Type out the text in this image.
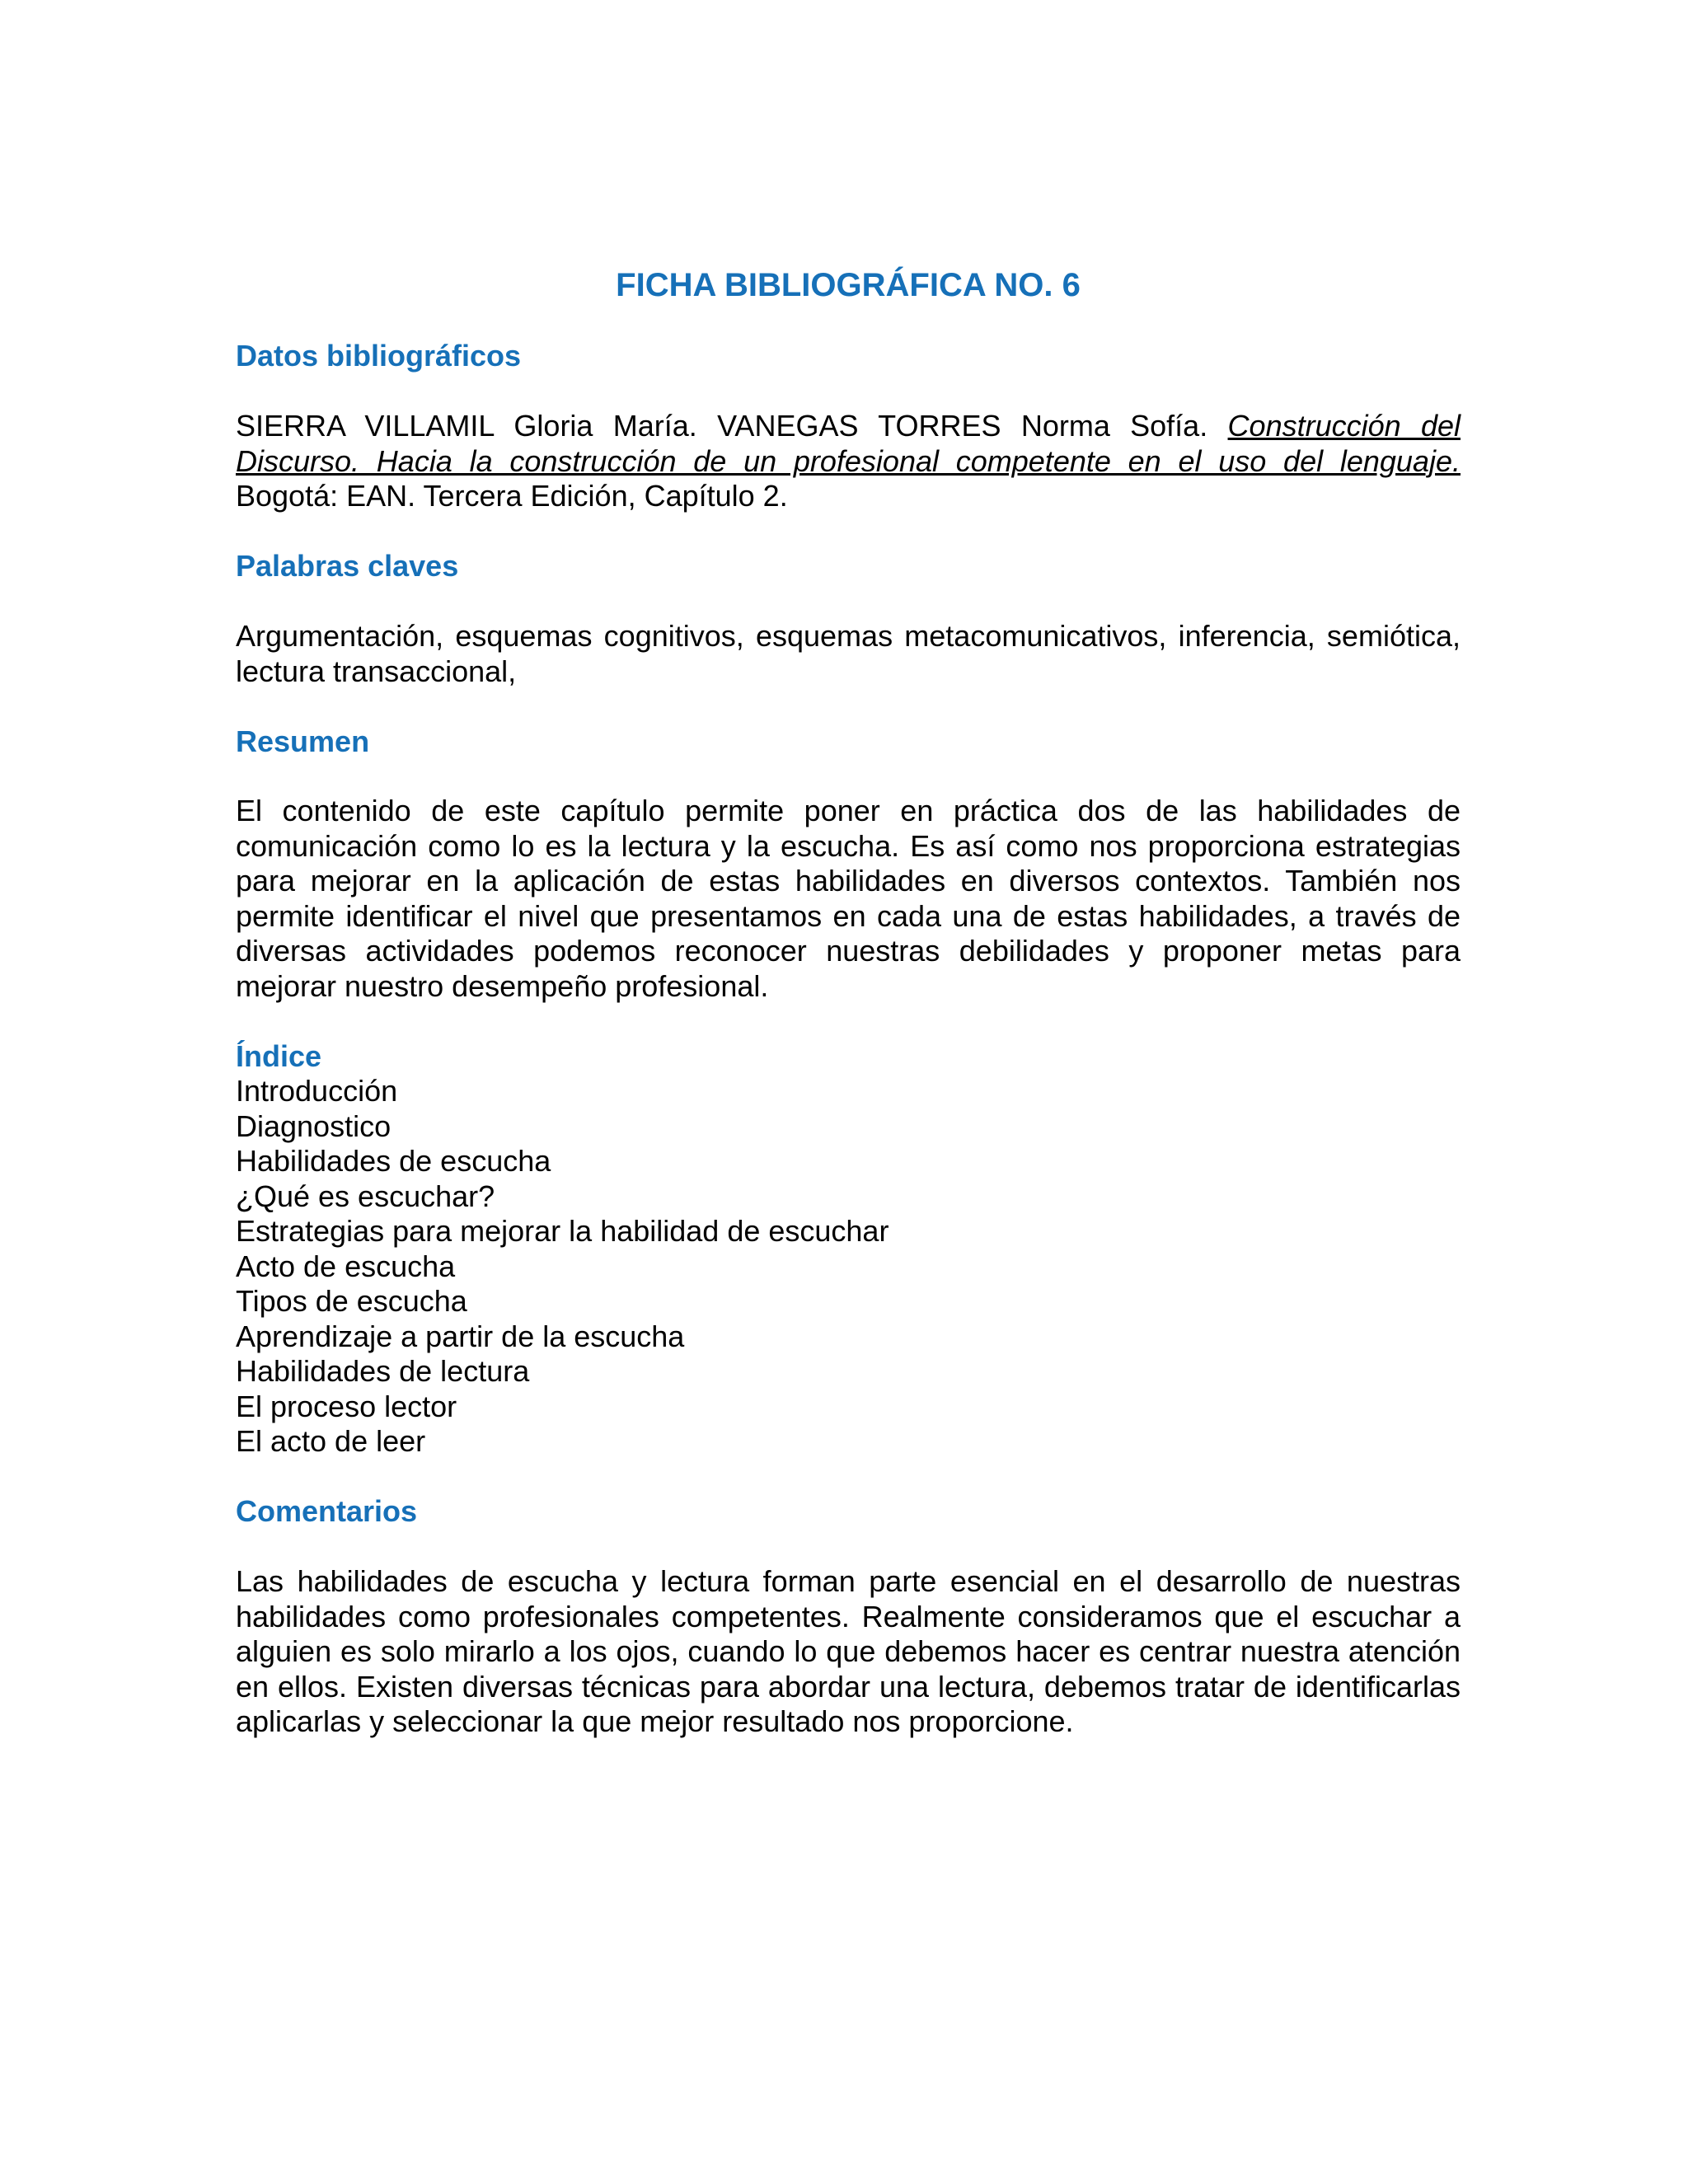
FICHA BIBLIOGRÁFICA NO. 6
Datos bibliográficos

SIERRA VILLAMIL Gloria María. VANEGAS TORRES Norma Sofía. Construcción del Discurso. Hacia la construcción de un profesional competente en el uso del lenguaje. Bogotá: EAN. Tercera Edición, Capítulo 2.

Palabras claves

Argumentación, esquemas cognitivos, esquemas metacomunicativos, inferencia, semiótica, lectura transaccional,

Resumen

El contenido de este capítulo permite poner en práctica dos de las habilidades de comunicación como lo es la lectura y la escucha. Es así como nos proporciona estrategias para mejorar en la aplicación de estas habilidades en diversos contextos. También nos permite identificar el nivel que presentamos en cada una de estas habilidades, a través de diversas actividades podemos reconocer nuestras debilidades y proponer metas para mejorar nuestro desempeño profesional.

Índice
Introducción
Diagnostico
Habilidades de escucha
¿Qué es escuchar?
Estrategias para mejorar la habilidad de escuchar
Acto de escucha
Tipos de escucha
Aprendizaje a partir de la escucha
Habilidades de lectura
El proceso lector
El acto de leer
Comentarios

Las habilidades de escucha y lectura forman parte esencial en el desarrollo de nuestras habilidades como profesionales competentes. Realmente consideramos que el escuchar a alguien es solo mirarlo a los ojos, cuando lo que debemos hacer es centrar nuestra atención en ellos. Existen diversas técnicas para abordar una lectura, debemos tratar de identificarlas aplicarlas y seleccionar la que mejor resultado nos proporcione.
